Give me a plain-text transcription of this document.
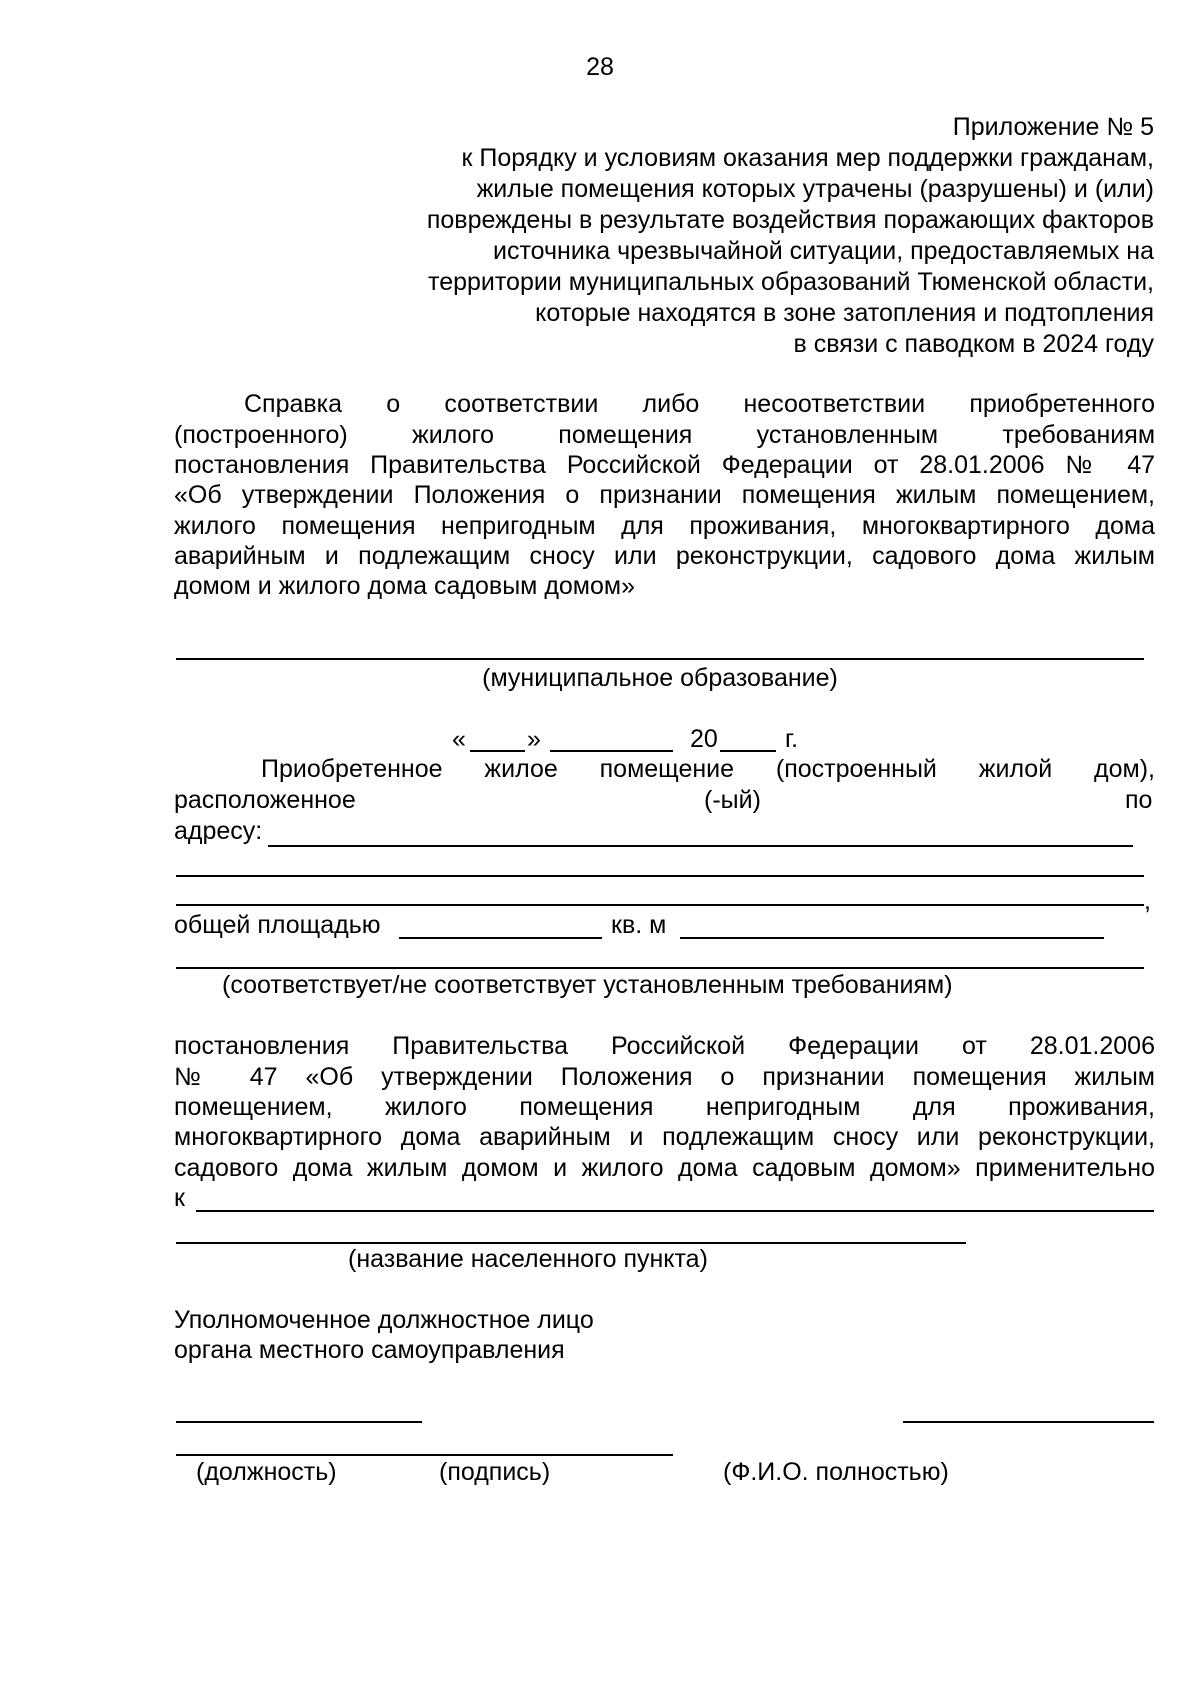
28
Приложение № 5
к Порядку и условиям оказания мер поддержки гражданам,
жилые помещения которых утрачены (разрушены) и (или)
повреждены в результате воздействия поражающих факторов
источника чрезвычайной ситуации, предоставляемых на
территории муниципальных образований Тюменской области,
которые находятся в зоне затопления и подтопления
в связи с паводком в 2024 году
Справка о соответствии либо несоответствии приобретенного
(построенного) жилого помещения установленным требованиям
постановления Правительства Российской Федерации от 28.01.2006 № 47
«Об утверждении Положения о признании помещения жилым помещением,
жилого помещения непригодным для проживания, многоквартирного дома
аварийным и подлежащим сносу или реконструкции, садового дома жилым
домом и жилого дома садовым домом»
(муниципальное образование)
« »	20	г.
Приобретенное жилое помещение (построенный жилой дом),
расположенное	(-ый)	по
адресу:
,
общей площадью	кв. м
(соответствует/не соответствует установленным требованиям)
постановления Правительства Российской Федерации от 28.01.2006
№ 47 «Об утверждении Положения о признании помещения жилым
помещением, жилого помещения непригодным для проживания,
многоквартирного дома аварийным и подлежащим сносу или реконструкции,
садового дома жилым домом и жилого дома садовым домом» применительно
к
(название населенного пункта)
Уполномоченное должностное лицо
органа местного самоуправления
(должность)	(подпись)	(Ф.И.О. полностью)
